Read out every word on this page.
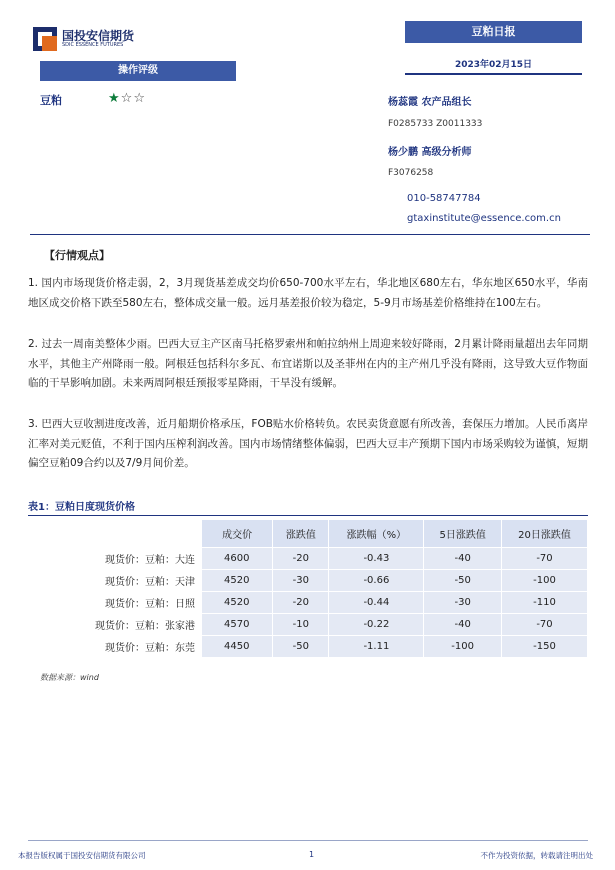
国投安信期货
SDIC ESSENCE FUTURES
豆粕日报
2023年02月15日
操作评级
豆粕	★☆☆	杨蕊霞 农产品组长
F0285733 Z0011333
杨少鹏 高级分析师
F3076258
010-58747784
gtaxinstitute@essence.com.cn
【行情观点】
1. 国内市场现货价格走弱，2，3月现货基差成交均价650-700水平左右，华北地区680左右，华东地区650水平，华南地区成交价格下跌至580左右，整体成交量一般。远月基差报价较为稳定，5-9月市场基差价格维持在100左右。
2. 过去一周南美整体少雨。巴西大豆主产区南马托格罗索州和帕拉纳州上周迎来较好降雨，2月累计降雨量超出去年同期水平，其他主产州降雨一般。阿根廷包括科尔多瓦、布宜诺斯以及圣菲州在内的主产州几乎没有降雨，这导致大豆作物面临的干旱影响加剧。未来两周阿根廷预报零星降雨，干旱没有缓解。
3. 巴西大豆收割进度改善，近月船期价格承压，FOB贴水价格转负。农民卖货意愿有所改善，套保压力增加。人民币离岸汇率对美元贬值，不利于国内压榨利润改善。国内市场情绪整体偏弱，巴西大豆丰产预期下国内市场采购较为谨慎，短期偏空豆粕09合约以及7/9月间价差。
表1：豆粕日度现货价格
	成交价	涨跌值	涨跌幅（%）	5日涨跌值	20日涨跌值
现货价：豆粕：大连	4600	-20	-0.43	-40	-70
现货价：豆粕：天津	4520	-30	-0.66	-50	-100
现货价：豆粕：日照	4520	-20	-0.44	-30	-110
现货价：豆粕：张家港	4570	-10	-0.22	-40	-70
现货价：豆粕：东莞	4450	-50	-1.11	-100	-150
数据来源：wind
本报告版权属于国投安信期货有限公司	1	不作为投资依据，转载请注明出处
